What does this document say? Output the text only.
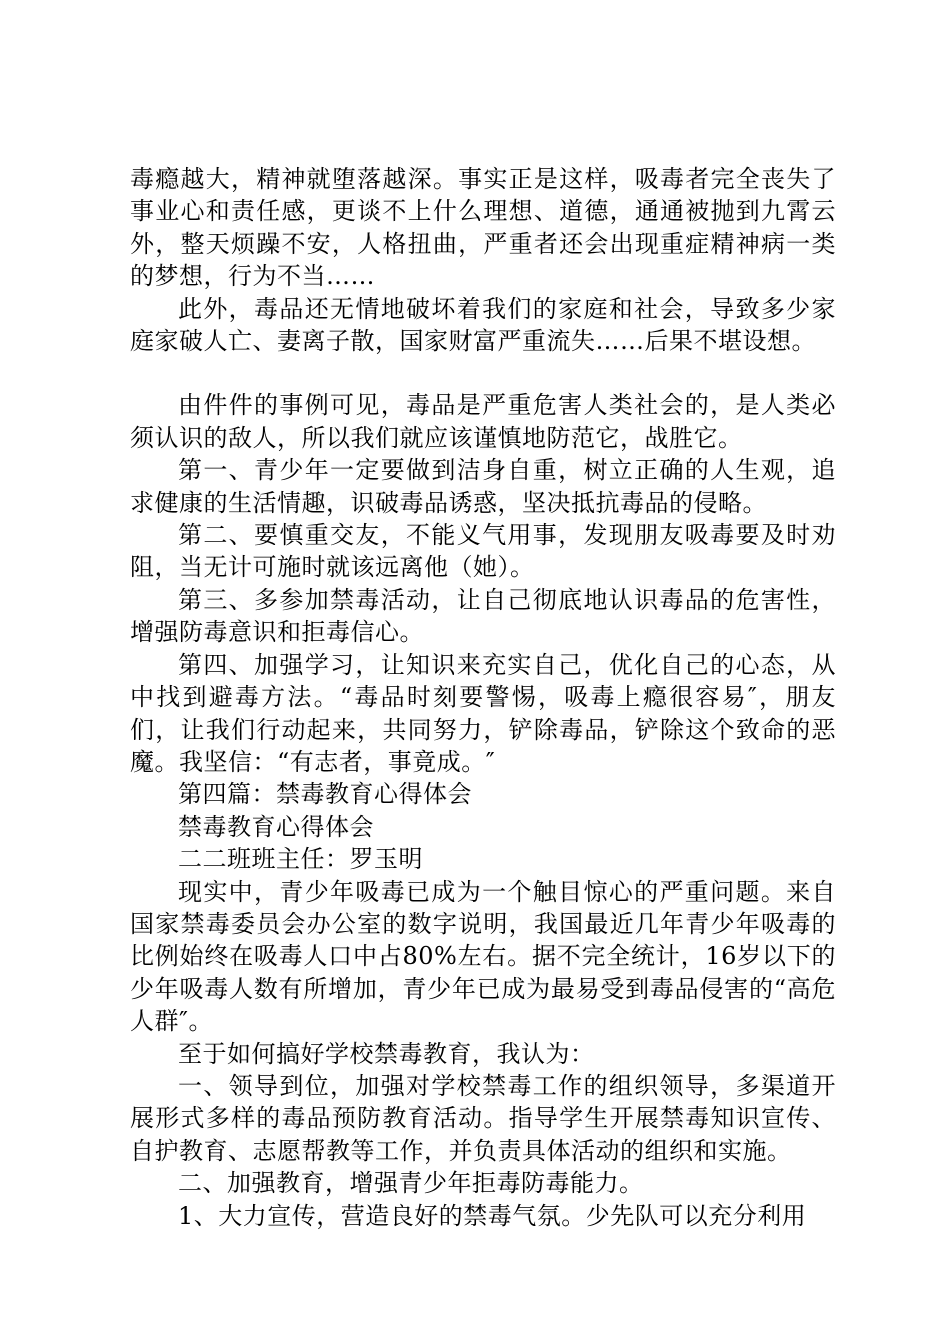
毒瘾越大，精神就堕落越深。事实正是这样，吸毒者完全丧失了事业心和责任感，更谈不上什么理想、道德，通通被抛到九霄云外，整天烦躁不安，人格扭曲，严重者还会出现重症精神病一类的梦想，行为不当……

此外，毒品还无情地破坏着我们的家庭和社会，导致多少家庭家破人亡、妻离子散，国家财富严重流失……后果不堪设想。

由件件的事例可见，毒品是严重危害人类社会的，是人类必须认识的敌人，所以我们就应该谨慎地防范它，战胜它。

第一、青少年一定要做到洁身自重，树立正确的人生观，追求健康的生活情趣，识破毒品诱惑，坚决抵抗毒品的侵略。

第二、要慎重交友，不能义气用事，发现朋友吸毒要及时劝阻，当无计可施时就该远离他（她）。

第三、多参加禁毒活动，让自己彻底地认识毒品的危害性，增强防毒意识和拒毒信心。

第四、加强学习，让知识来充实自己，优化自己的心态，从中找到避毒方法。“毒品时刻要警惕，吸毒上瘾很容易″，朋友们，让我们行动起来，共同努力，铲除毒品，铲除这个致命的恶魔。我坚信：“有志者，事竟成。″

第四篇：禁毒教育心得体会

禁毒教育心得体会

二二班班主任：罗玉明

现实中，青少年吸毒已成为一个触目惊心的严重问题。来自国家禁毒委员会办公室的数字说明，我国最近几年青少年吸毒的比例始终在吸毒人口中占80%左右。据不完全统计，16岁以下的少年吸毒人数有所增加，青少年已成为最易受到毒品侵害的“高危人群″。

至于如何搞好学校禁毒教育，我认为：

一、领导到位，加强对学校禁毒工作的组织领导，多渠道开展形式多样的毒品预防教育活动。指导学生开展禁毒知识宣传、自护教育、志愿帮教等工作，并负责具体活动的组织和实施。

二、加强教育，增强青少年拒毒防毒能力。

1、大力宣传，营造良好的禁毒气氛。少先队可以充分利用
